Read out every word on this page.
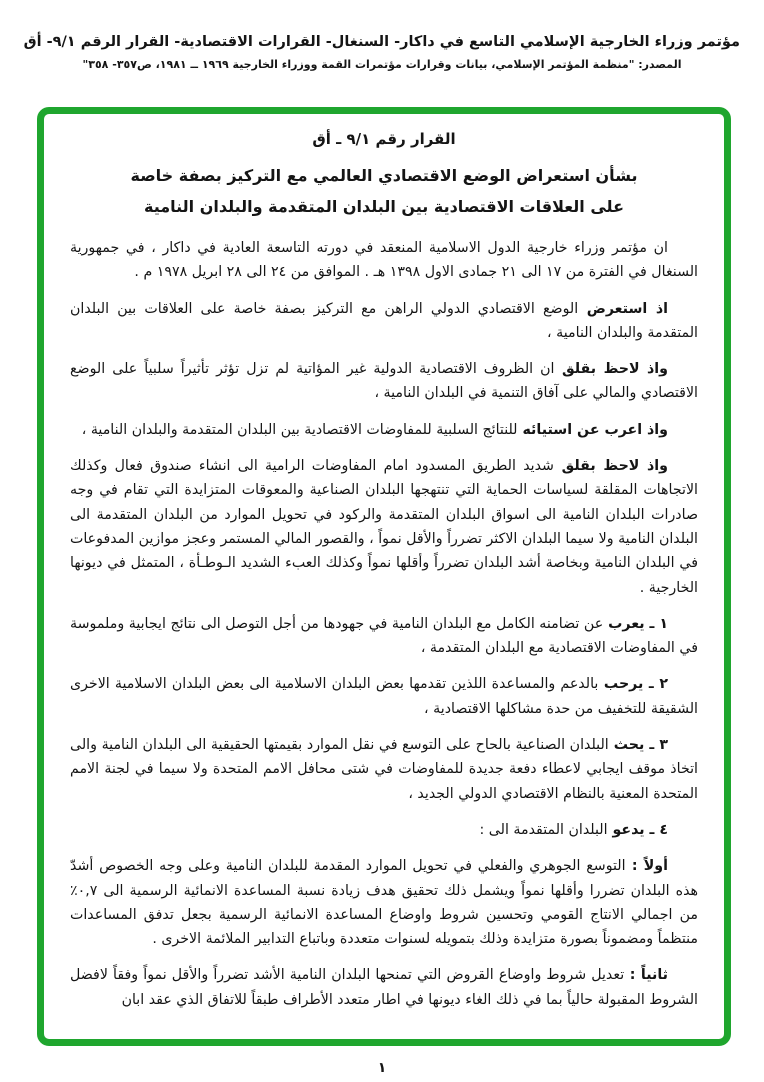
مؤتمر وزراء الخارجية الإسلامي التاسع في داكار- السنغال- القرارات الاقتصادية- القرار الرقم ٩/١- أق
المصدر: "منظمة المؤتمر الإسلامي، بيانات وقرارات مؤتمرات القمة ووزراء الخارجية ١٩٦٩ ــ ١٩٨١، ص٣٥٧- ٣٥٨"
القرار رقم ٩/١ ـ أق
بشأن استعراض الوضع الاقتصادي العالمي مع التركيز بصفة خاصة
على العلاقات الاقتصادية بين البلدان المتقدمة والبلدان النامية

ان مؤتمر وزراء خارجية الدول الاسلامية المنعقد في دورته التاسعة العادية في داكار ، في جمهورية السنغال في الفترة من ١٧ الى ٢١ جمادى الاول ١٣٩٨ هـ . الموافق من ٢٤ الى ٢٨ ابريل ١٩٧٨ م .

اذ استعرض الوضع الاقتصادي الدولي الراهن مع التركيز بصفة خاصة على العلاقات بين البلدان المتقدمة والبلدان النامية ،

واذ لاحظ بقلق ان الظروف الاقتصادية الدولية غير المؤاتية لم تزل تؤثر تأثيراً سلبياً على الوضع الاقتصادي والمالي على آفاق التنمية في البلدان النامية ،

واذ اعرب عن استيائه للنتائج السلبية للمفاوضات الاقتصادية بين البلدان المتقدمة والبلدان النامية ،

واذ لاحظ بقلق شديد الطريق المسدود امام المفاوضات الرامية الى انشاء صندوق فعال وكذلك الاتجاهات المقلقة لسياسات الحماية التي تنتهجها البلدان الصناعية والمعوقات المتزايدة التي تقام في وجه صادرات البلدان النامية الى اسواق البلدان المتقدمة والركود في تحويل الموارد من البلدان المتقدمة الى البلدان النامية ولا سيما البلدان الاكثر تضرراً والأقل نمواً ، والقصور المالي المستمر وعجز موازين المدفوعات في البلدان النامية وبخاصة أشد البلدان تضرراً وأقلها نمواً وكذلك العبء الشديد الـوطـأة ، المتمثل في ديونها الخارجية .

١ ـ يعرب عن تضامنه الكامل مع البلدان النامية في جهودها من أجل التوصل الى نتائج ايجابية وملموسة في المفاوضات الاقتصادية مع البلدان المتقدمة ،

٢ ـ يرحب بالدعم والمساعدة اللذين تقدمها بعض البلدان الاسلامية الى بعض البلدان الاسلامية الاخرى الشقيقة للتخفيف من حدة مشاكلها الاقتصادية ،

٣ ـ يحث البلدان الصناعية بالحاح على التوسع في نقل الموارد بقيمتها الحقيقية الى البلدان النامية والى اتخاذ موقف ايجابي لاعطاء دفعة جديدة للمفاوضات في شتى محافل الامم المتحدة ولا سيما في لجنة الامم المتحدة المعنية بالنظام الاقتصادي الدولي الجديد ،

٤ ـ يدعو البلدان المتقدمة الى :

أولاً : التوسع الجوهري والفعلي في تحويل الموارد المقدمة للبلدان النامية وعلى وجه الخصوص أشدّ هذه البلدان تضررا وأقلها نمواً ويشمل ذلك تحقيق هدف زيادة نسبة المساعدة الانمائية الرسمية الى ٠,٧٪ من اجمالي الانتاج القومي وتحسين شروط واوضاع المساعدة الانمائية الرسمية بجعل تدفق المساعدات منتظماً ومضموناً بصورة متزايدة وذلك بتمويله لسنوات متعددة وباتباع التدابير الملائمة الاخرى .

ثانياً : تعديل شروط واوضاع القروض التي تمنحها البلدان النامية الأشد تضرراً والأقل نمواً وفقاً لافضل الشروط المقبولة حالياً بما في ذلك الغاء ديونها في اطار متعدد الأطراف طبقاً للاتفاق الذي عقد ابان

١
